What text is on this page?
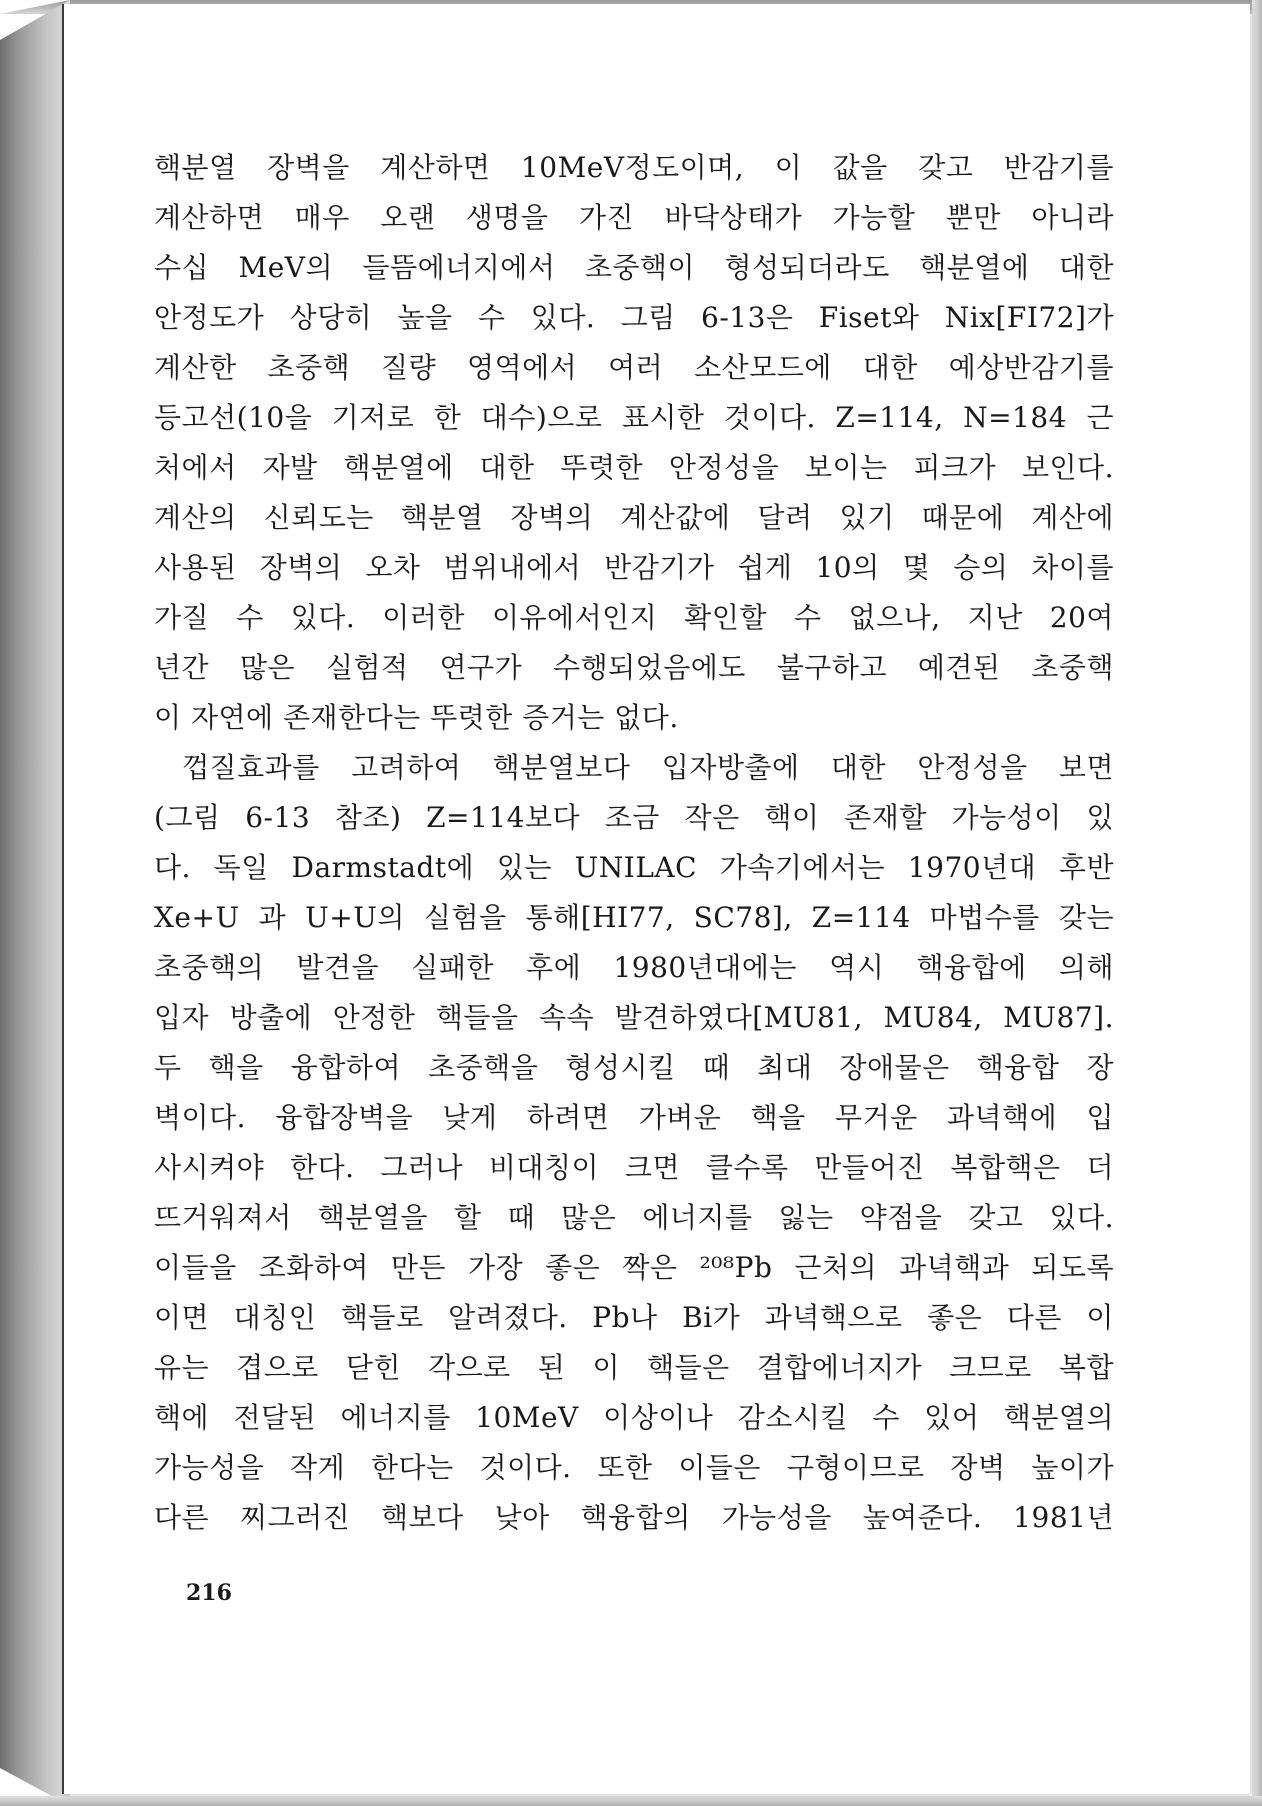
핵분열 장벽을 계산하면 10MeV정도이며, 이 값을 갖고 반감기를
계산하면 매우 오랜 생명을 가진 바닥상태가 가능할 뿐만 아니라
수십 MeV의 들뜸에너지에서 초중핵이 형성되더라도 핵분열에 대한
안정도가 상당히 높을 수 있다. 그림 6-13은 Fiset와 Nix[FI72]가
계산한 초중핵 질량 영역에서 여러 소산모드에 대한 예상반감기를
등고선(10을 기저로 한 대수)으로 표시한 것이다. Z=114, N=184 근
처에서 자발 핵분열에 대한 뚜렷한 안정성을 보이는 피크가 보인다.
계산의 신뢰도는 핵분열 장벽의 계산값에 달려 있기 때문에 계산에
사용된 장벽의 오차 범위내에서 반감기가 쉽게 10의 몇 승의 차이를
가질 수 있다. 이러한 이유에서인지 확인할 수 없으나, 지난 20여
년간 많은 실험적 연구가 수행되었음에도 불구하고 예견된 초중핵
이 자연에 존재한다는 뚜렷한 증거는 없다.
껍질효과를 고려하여 핵분열보다 입자방출에 대한 안정성을 보면
(그림 6-13 참조) Z=114보다 조금 작은 핵이 존재할 가능성이 있
다. 독일 Darmstadt에 있는 UNILAC 가속기에서는 1970년대 후반
Xe+U 과 U+U의 실험을 통해[HI77, SC78], Z=114 마법수를 갖는
초중핵의 발견을 실패한 후에 1980년대에는 역시 핵융합에 의해
입자 방출에 안정한 핵들을 속속 발견하였다[MU81, MU84, MU87].
두 핵을 융합하여 초중핵을 형성시킬 때 최대 장애물은 핵융합 장
벽이다. 융합장벽을 낮게 하려면 가벼운 핵을 무거운 과녁핵에 입
사시켜야 한다. 그러나 비대칭이 크면 클수록 만들어진 복합핵은 더
뜨거워져서 핵분열을 할 때 많은 에너지를 잃는 약점을 갖고 있다.
이들을 조화하여 만든 가장 좋은 짝은 ²⁰⁸Pb 근처의 과녁핵과 되도록
이면 대칭인 핵들로 알려졌다. Pb나 Bi가 과녁핵으로 좋은 다른 이
유는 겹으로 닫힌 각으로 된 이 핵들은 결합에너지가 크므로 복합
핵에 전달된 에너지를 10MeV 이상이나 감소시킬 수 있어 핵분열의
가능성을 작게 한다는 것이다. 또한 이들은 구형이므로 장벽 높이가
다른 찌그러진 핵보다 낮아 핵융합의 가능성을 높여준다. 1981년
216
